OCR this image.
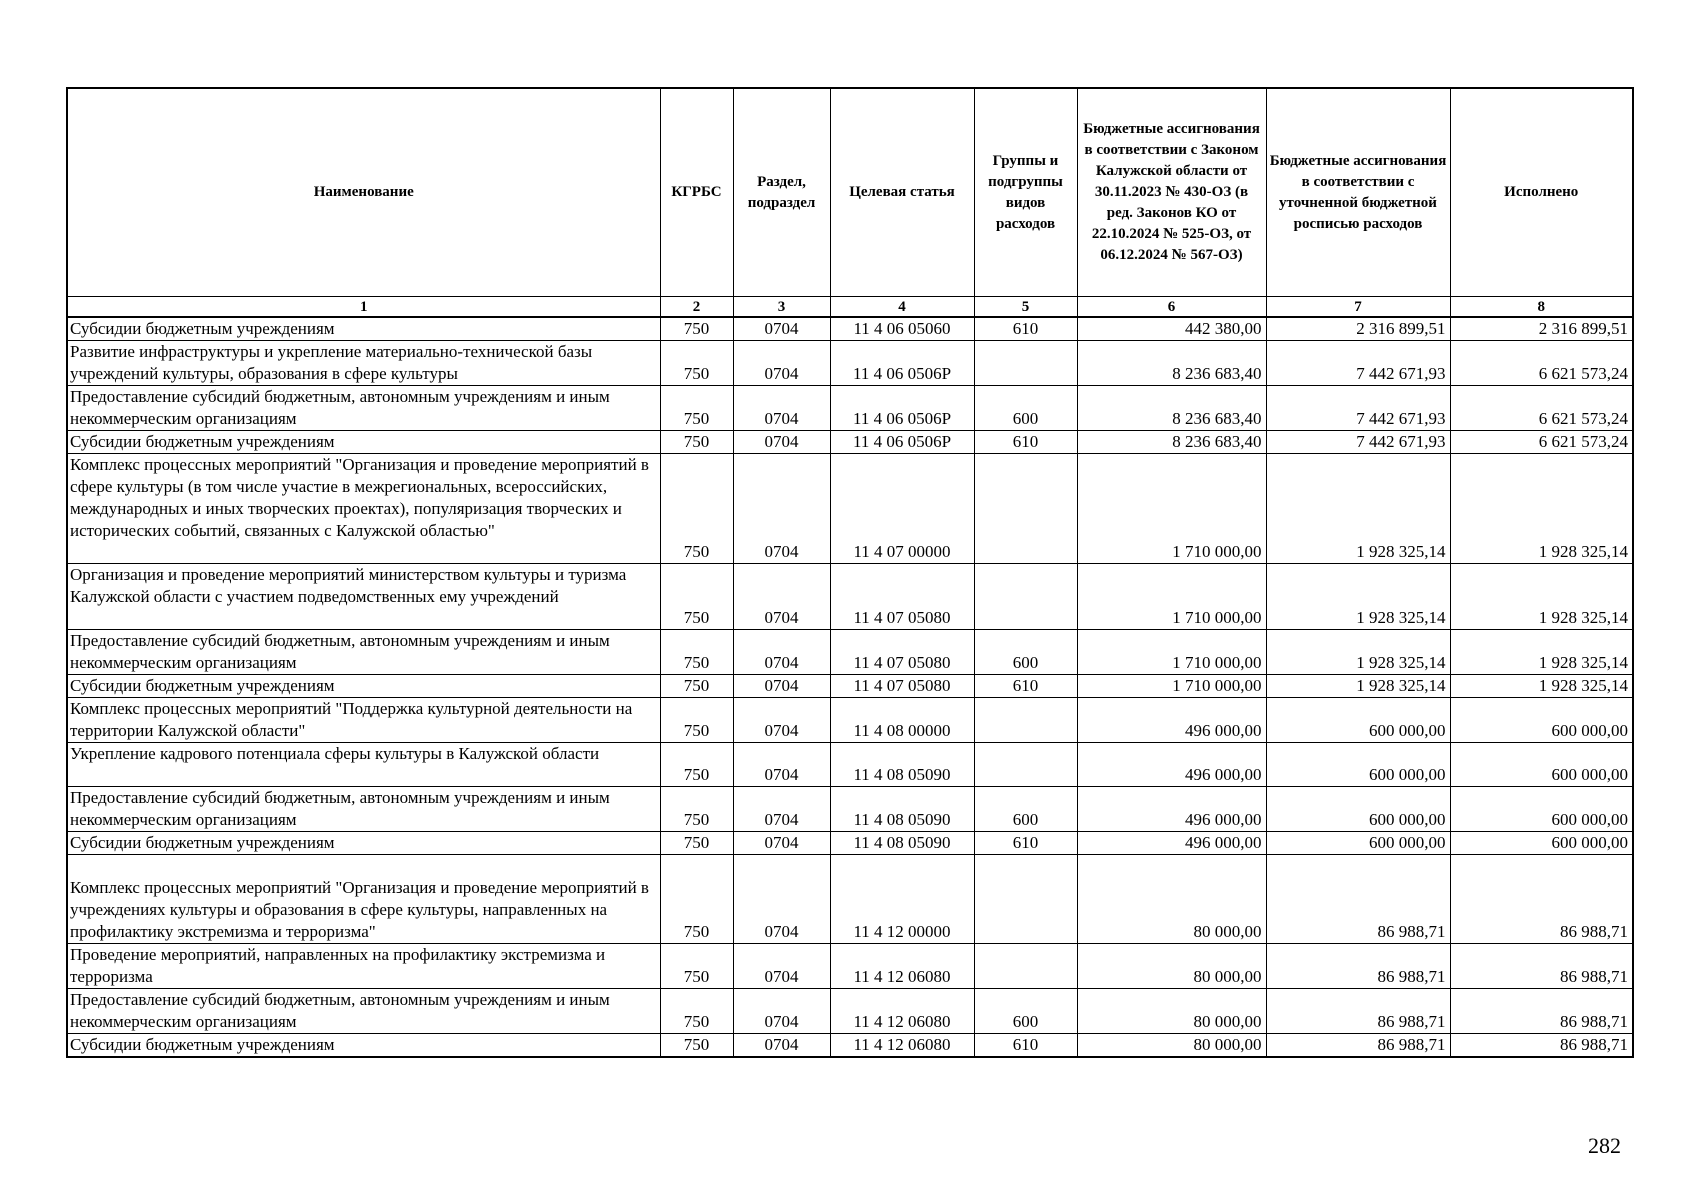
Наименование	КГРБС	Раздел, подраздел	Целевая статья	Группы и подгруппы видов расходов	Бюджетные ассигнования в соответствии с Законом Калужской области от 30.11.2023 № 430-ОЗ (в ред. Законов КО от 22.10.2024 № 525-ОЗ, от 06.12.2024 № 567-ОЗ)	Бюджетные ассигнования в соответствии с уточненной бюджетной росписью расходов	Исполнено
1	2	3	4	5	6	7	8
Субсидии бюджетным учреждениям	750	0704	11 4 06 05060	610	442 380,00	2 316 899,51	2 316 899,51
Развитие инфраструктуры и укрепление материально-технической базы учреждений культуры, образования в сфере культуры	750	0704	11 4 06 0506Р		8 236 683,40	7 442 671,93	6 621 573,24
Предоставление субсидий бюджетным, автономным учреждениям и иным некоммерческим организациям	750	0704	11 4 06 0506Р	600	8 236 683,40	7 442 671,93	6 621 573,24
Субсидии бюджетным учреждениям	750	0704	11 4 06 0506Р	610	8 236 683,40	7 442 671,93	6 621 573,24
Комплекс процессных мероприятий "Организация и проведение мероприятий в сфере культуры (в том числе участие в межрегиональных, всероссийских, международных и иных творческих проектах), популяризация творческих и исторических событий, связанных с Калужской областью"	750	0704	11 4 07 00000		1 710 000,00	1 928 325,14	1 928 325,14
Организация и проведение мероприятий министерством культуры и туризма Калужской области с участием подведомственных ему учреждений	750	0704	11 4 07 05080		1 710 000,00	1 928 325,14	1 928 325,14
Предоставление субсидий бюджетным, автономным учреждениям и иным некоммерческим организациям	750	0704	11 4 07 05080	600	1 710 000,00	1 928 325,14	1 928 325,14
Субсидии бюджетным учреждениям	750	0704	11 4 07 05080	610	1 710 000,00	1 928 325,14	1 928 325,14
Комплекс процессных мероприятий "Поддержка культурной деятельности на территории Калужской области"	750	0704	11 4 08 00000		496 000,00	600 000,00	600 000,00
Укрепление кадрового потенциала сферы культуры в Калужской области	750	0704	11 4 08 05090		496 000,00	600 000,00	600 000,00
Предоставление субсидий бюджетным, автономным учреждениям и иным некоммерческим организациям	750	0704	11 4 08 05090	600	496 000,00	600 000,00	600 000,00
Субсидии бюджетным учреждениям	750	0704	11 4 08 05090	610	496 000,00	600 000,00	600 000,00
Комплекс процессных мероприятий "Организация и проведение мероприятий в учреждениях культуры и образования в сфере культуры, направленных на профилактику экстремизма и терроризма"	750	0704	11 4 12 00000		80 000,00	86 988,71	86 988,71
Проведение мероприятий, направленных на профилактику экстремизма и терроризма	750	0704	11 4 12 06080		80 000,00	86 988,71	86 988,71
Предоставление субсидий бюджетным, автономным учреждениям и иным некоммерческим организациям	750	0704	11 4 12 06080	600	80 000,00	86 988,71	86 988,71
Субсидии бюджетным учреждениям	750	0704	11 4 12 06080	610	80 000,00	86 988,71	86 988,71
282
